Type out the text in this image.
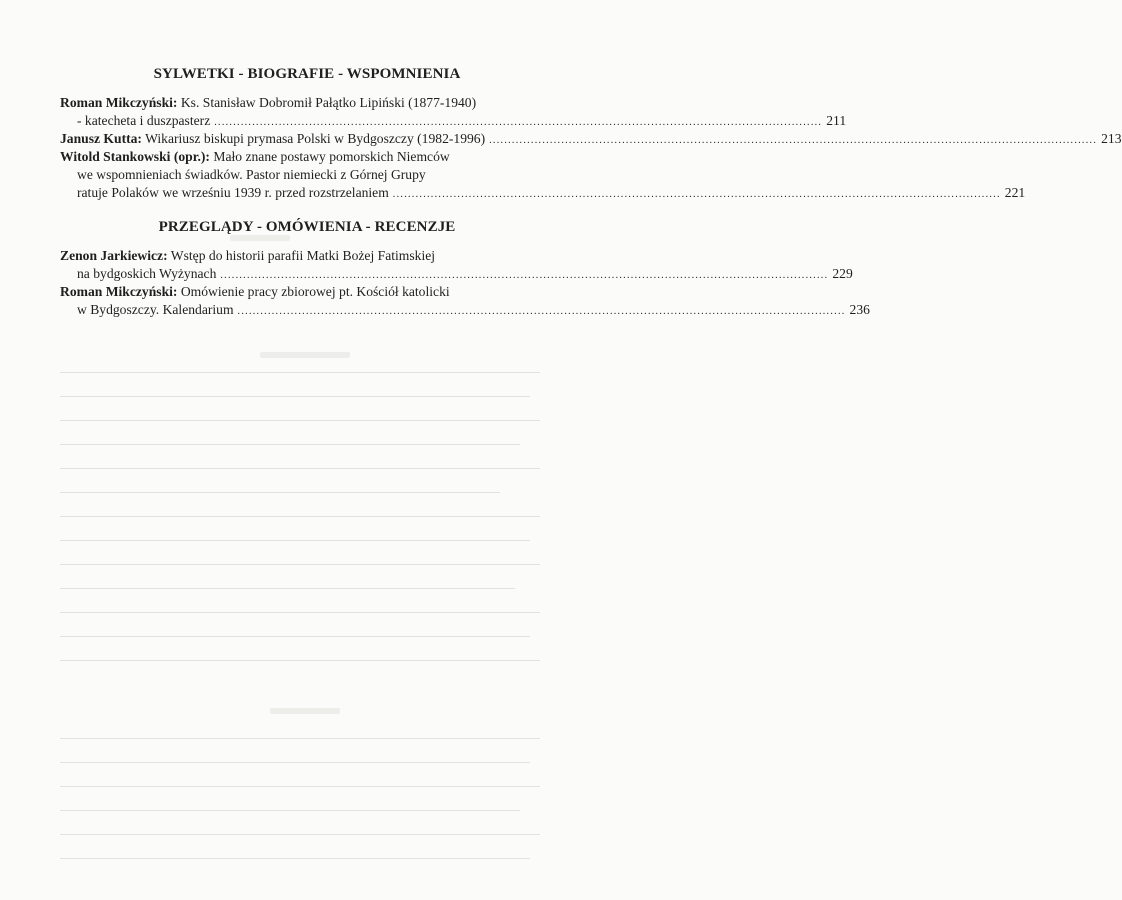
SYLWETKI - BIOGRAFIE - WSPOMNIENIA
Roman Mikczyński: Ks. Stanisław Dobromił Pałątko Lipiński (1877-1940)
- katecheta i duszpasterz ................................................................................................................................................................ 211
Janusz Kutta: Wikariusz biskupi prymasa Polski w Bydgoszczy (1982-1996) ................................................................................................................................................................ 213
Witold Stankowski (opr.): Mało znane postawy pomorskich Niemców
we wspomnieniach świadków. Pastor niemiecki z Górnej Grupy
ratuje Polaków we wrześniu 1939 r. przed rozstrzelaniem ................................................................................................................................................................ 221
PRZEGLĄDY - OMÓWIENIA - RECENZJE
Zenon Jarkiewicz: Wstęp do historii parafii Matki Bożej Fatimskiej
na bydgoskich Wyżynach ................................................................................................................................................................ 229
Roman Mikczyński: Omówienie pracy zbiorowej pt. Kościół katolicki
w Bydgoszczy. Kalendarium ................................................................................................................................................................ 236
